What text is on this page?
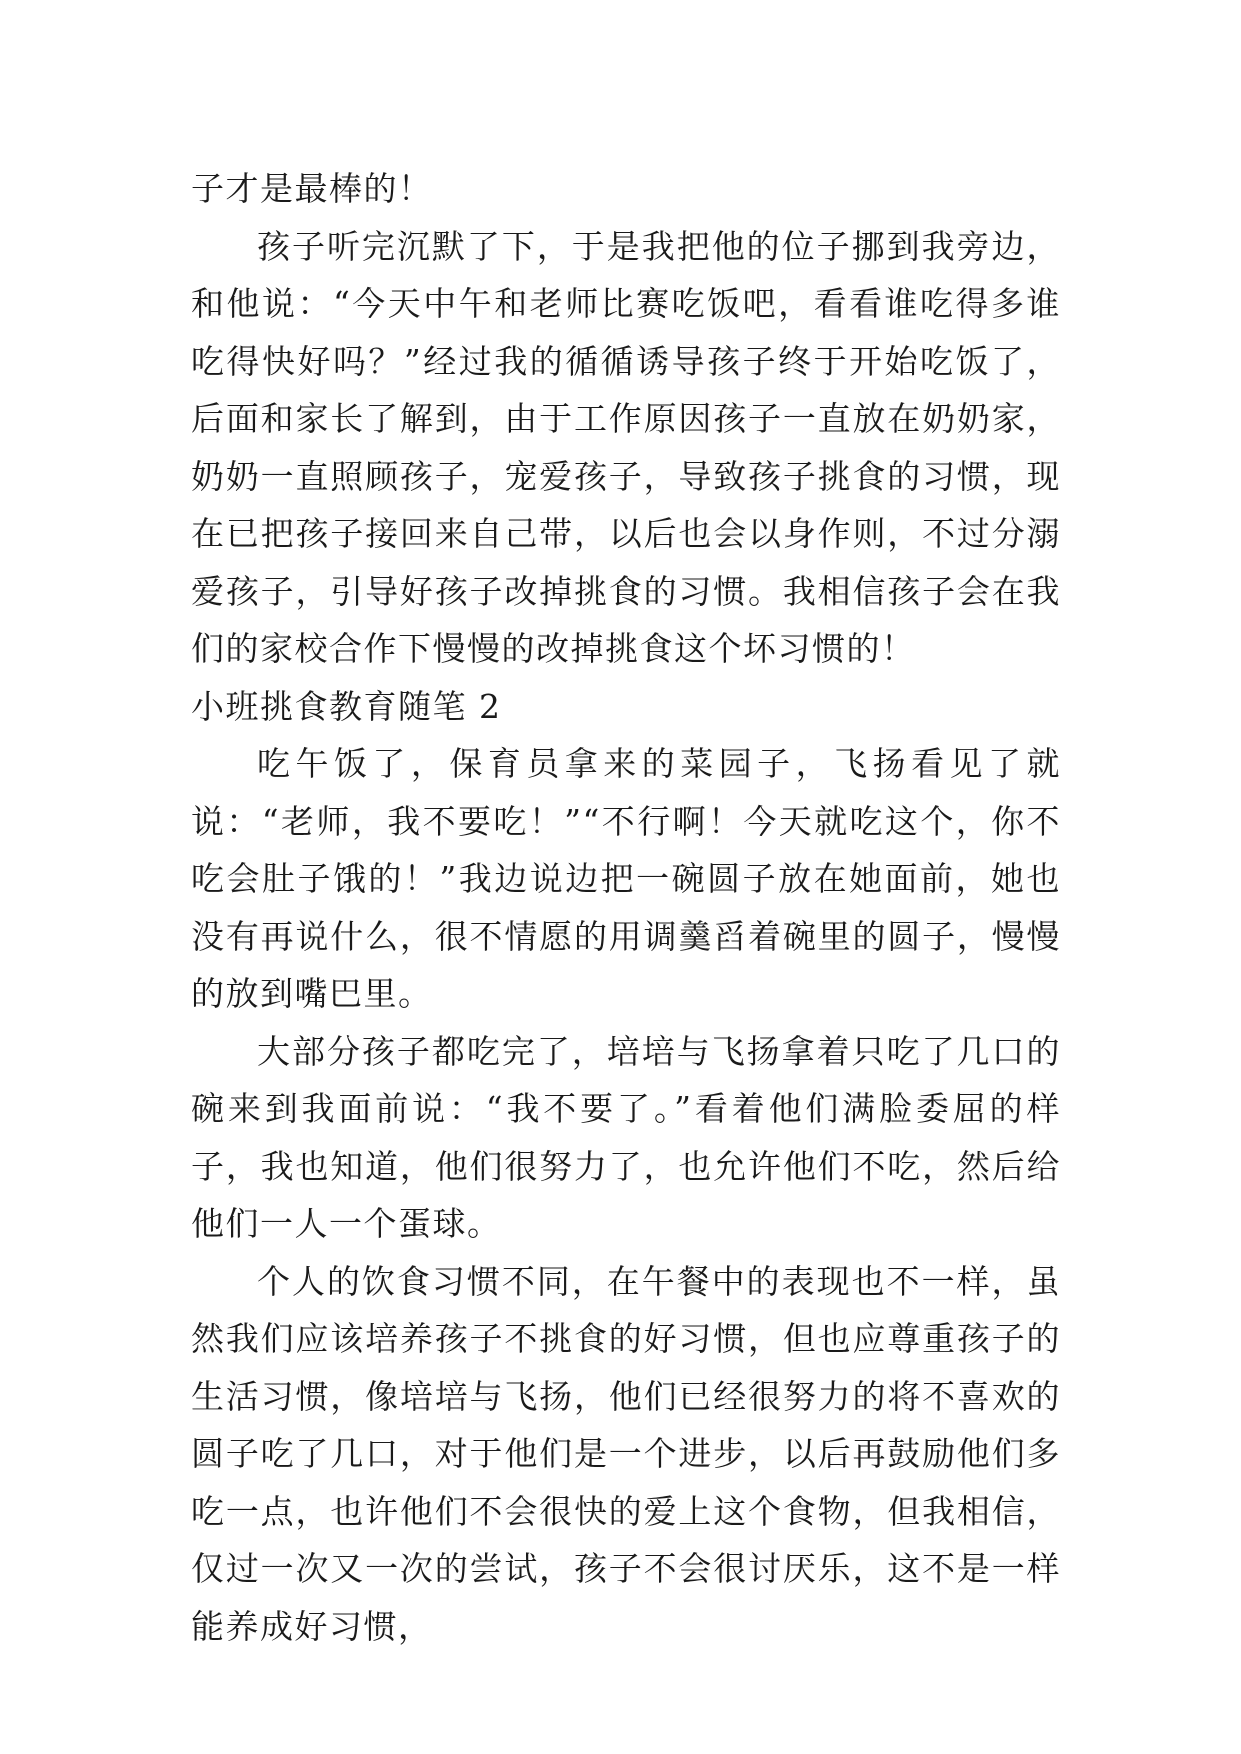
子才是最棒的！

孩子听完沉默了下，于是我把他的位子挪到我旁边，和他说：“今天中午和老师比赛吃饭吧，看看谁吃得多谁吃得快好吗？”经过我的循循诱导孩子终于开始吃饭了，后面和家长了解到，由于工作原因孩子一直放在奶奶家，奶奶一直照顾孩子，宠爱孩子，导致孩子挑食的习惯，现在已把孩子接回来自己带，以后也会以身作则，不过分溺爱孩子，引导好孩子改掉挑食的习惯。我相信孩子会在我们的家校合作下慢慢的改掉挑食这个坏习惯的！

小班挑食教育随笔 2

吃午饭了，保育员拿来的菜园子，飞扬看见了就说：“老师，我不要吃！”“不行啊！今天就吃这个，你不吃会肚子饿的！”我边说边把一碗圆子放在她面前，她也没有再说什么，很不情愿的用调羹舀着碗里的圆子，慢慢的放到嘴巴里。

大部分孩子都吃完了，培培与飞扬拿着只吃了几口的碗来到我面前说：“我不要了。”看着他们满脸委屈的样子，我也知道，他们很努力了，也允许他们不吃，然后给他们一人一个蛋球。

个人的饮食习惯不同，在午餐中的表现也不一样，虽然我们应该培养孩子不挑食的好习惯，但也应尊重孩子的生活习惯，像培培与飞扬，他们已经很努力的将不喜欢的圆子吃了几口，对于他们是一个进步，以后再鼓励他们多吃一点，也许他们不会很快的爱上这个食物，但我相信，仅过一次又一次的尝试，孩子不会很讨厌乐，这不是一样能养成好习惯，
